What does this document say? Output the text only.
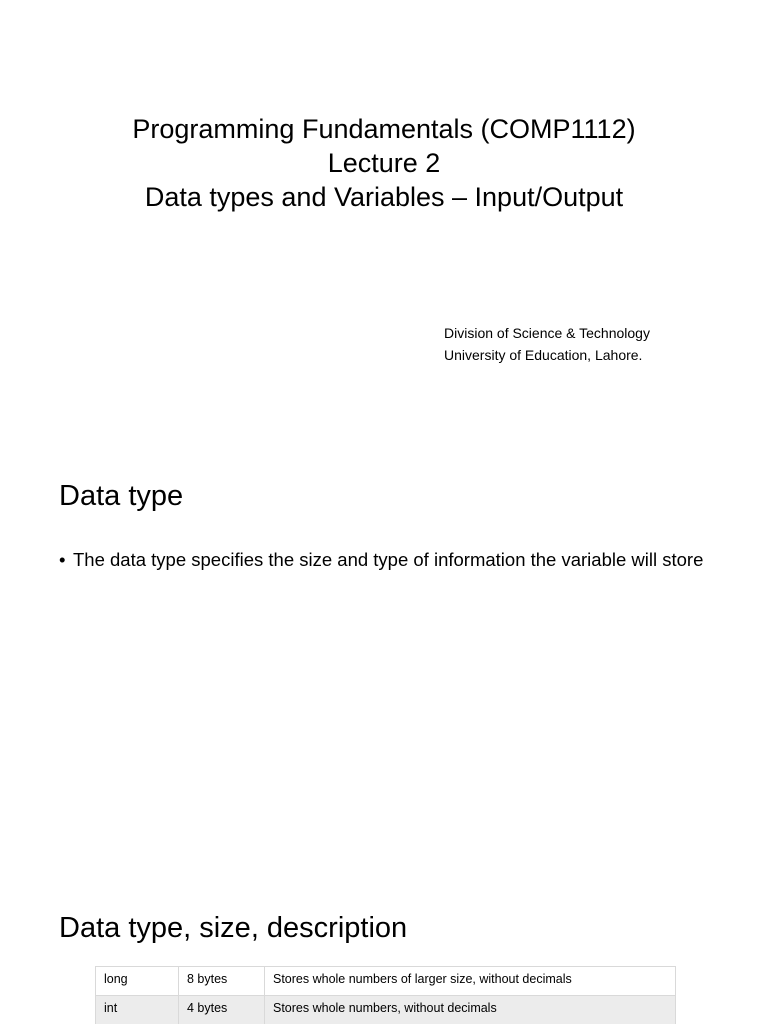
Programming Fundamentals (COMP1112)
Lecture 2
Data types and Variables – Input/Output
Division of Science & Technology
University of Education, Lahore.
Data type
• The data type specifies the size and type of information the variable will store
Data type, size, description
long	8 bytes	Stores whole numbers of larger size, without decimals
int	4 bytes	Stores whole numbers, without decimals
